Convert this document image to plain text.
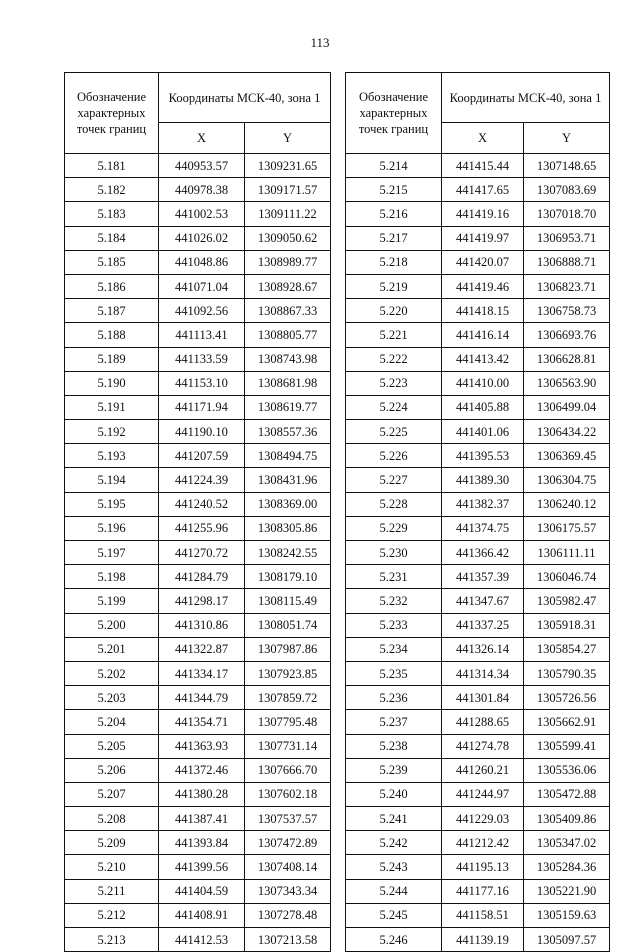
113
Обозначение характерных точек границ	Координаты МСК-40, зона 1	
	X	Y
5.181	440953.57	1309231.65
5.182	440978.38	1309171.57
5.183	441002.53	1309111.22
5.184	441026.02	1309050.62
5.185	441048.86	1308989.77
5.186	441071.04	1308928.67
5.187	441092.56	1308867.33
5.188	441113.41	1308805.77
5.189	441133.59	1308743.98
5.190	441153.10	1308681.98
5.191	441171.94	1308619.77
5.192	441190.10	1308557.36
5.193	441207.59	1308494.75
5.194	441224.39	1308431.96
5.195	441240.52	1308369.00
5.196	441255.96	1308305.86
5.197	441270.72	1308242.55
5.198	441284.79	1308179.10
5.199	441298.17	1308115.49
5.200	441310.86	1308051.74
5.201	441322.87	1307987.86
5.202	441334.17	1307923.85
5.203	441344.79	1307859.72
5.204	441354.71	1307795.48
5.205	441363.93	1307731.14
5.206	441372.46	1307666.70
5.207	441380.28	1307602.18
5.208	441387.41	1307537.57
5.209	441393.84	1307472.89
5.210	441399.56	1307408.14
5.211	441404.59	1307343.34
5.212	441408.91	1307278.48
5.213	441412.53	1307213.58
Обозначение характерных точек границ	Координаты МСК-40, зона 1	
	X	Y
5.214	441415.44	1307148.65
5.215	441417.65	1307083.69
5.216	441419.16	1307018.70
5.217	441419.97	1306953.71
5.218	441420.07	1306888.71
5.219	441419.46	1306823.71
5.220	441418.15	1306758.73
5.221	441416.14	1306693.76
5.222	441413.42	1306628.81
5.223	441410.00	1306563.90
5.224	441405.88	1306499.04
5.225	441401.06	1306434.22
5.226	441395.53	1306369.45
5.227	441389.30	1306304.75
5.228	441382.37	1306240.12
5.229	441374.75	1306175.57
5.230	441366.42	1306111.11
5.231	441357.39	1306046.74
5.232	441347.67	1305982.47
5.233	441337.25	1305918.31
5.234	441326.14	1305854.27
5.235	441314.34	1305790.35
5.236	441301.84	1305726.56
5.237	441288.65	1305662.91
5.238	441274.78	1305599.41
5.239	441260.21	1305536.06
5.240	441244.97	1305472.88
5.241	441229.03	1305409.86
5.242	441212.42	1305347.02
5.243	441195.13	1305284.36
5.244	441177.16	1305221.90
5.245	441158.51	1305159.63
5.246	441139.19	1305097.57
